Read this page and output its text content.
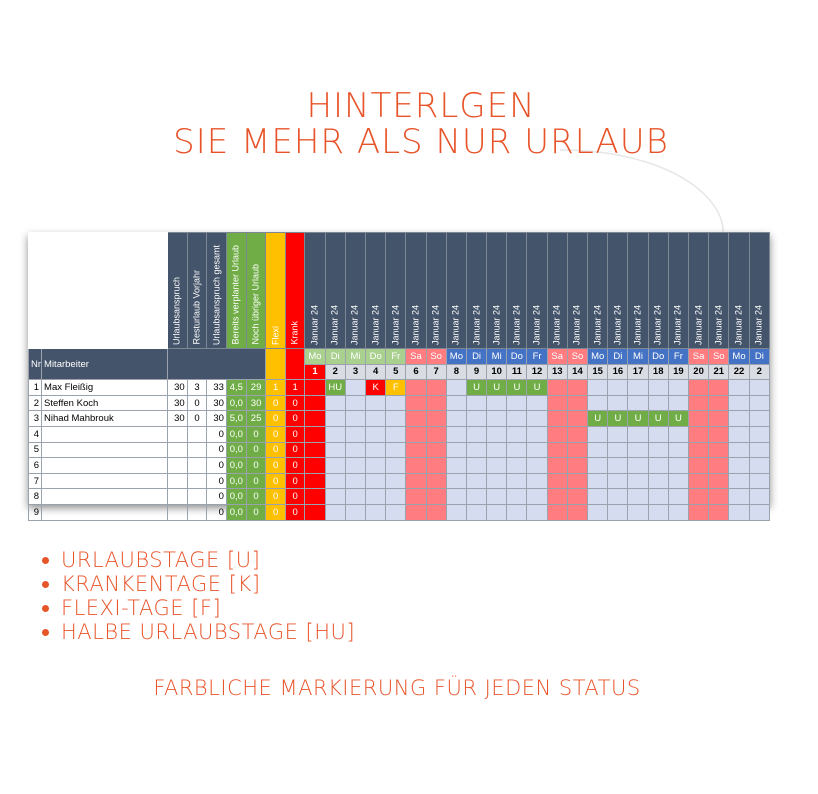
HINTERLGEN
SIE MEHR ALS NUR URLAUB

		Urlaubsanspruch	Resturlaub Vorjahr	Urlaubsanspruch gesamt	Bereits verplanter Urlaub	Noch übriger Urlaub	Flexi	Krank	Januar 24	Januar 24	Januar 24	Januar 24	Januar 24	Januar 24	Januar 24	Januar 24	Januar 24	Januar 24	Januar 24	Januar 24	Januar 24	Januar 24	Januar 24	Januar 24	Januar 24	Januar 24	Januar 24	Januar 24	Januar 24	Januar 24	Januar 24

Nr	Mitarbeiter								Mo	Di	Mi	Do	Fr	Sa	So	Mo	Di	Mi	Do	Fr	Sa	So	Mo	Di	Mi	Do	Fr	Sa	So	Mo	Di
									1	2	3	4	5	6	7	8	9	10	11	12	13	14	15	16	17	18	19	20	21	22	2
1	Max Fleißig	30	3	33	4,5	29	1	1		HU		K	F				U	U	U	U											
2	Steffen Koch	30	0	30	0,0	30	0	0																							
3	Nihad Mahbrouk	30	0	30	5,0	25	0	0															U	U	U	U	U				
4				0	0,0	0	0	0																							
5				0	0,0	0	0	0																							
6				0	0,0	0	0	0																							
7				0	0,0	0	0	0																							
8				0	0,0	0	0	0																							
9				0	0,0	0	0	0																							
URLAUBSTAGE [U]
KRANKENTAGE [K]
FLEXI-TAGE [F]
HALBE URLAUBSTAGE [HU]
FARBLICHE MARKIERUNG FÜR JEDEN STATUS
